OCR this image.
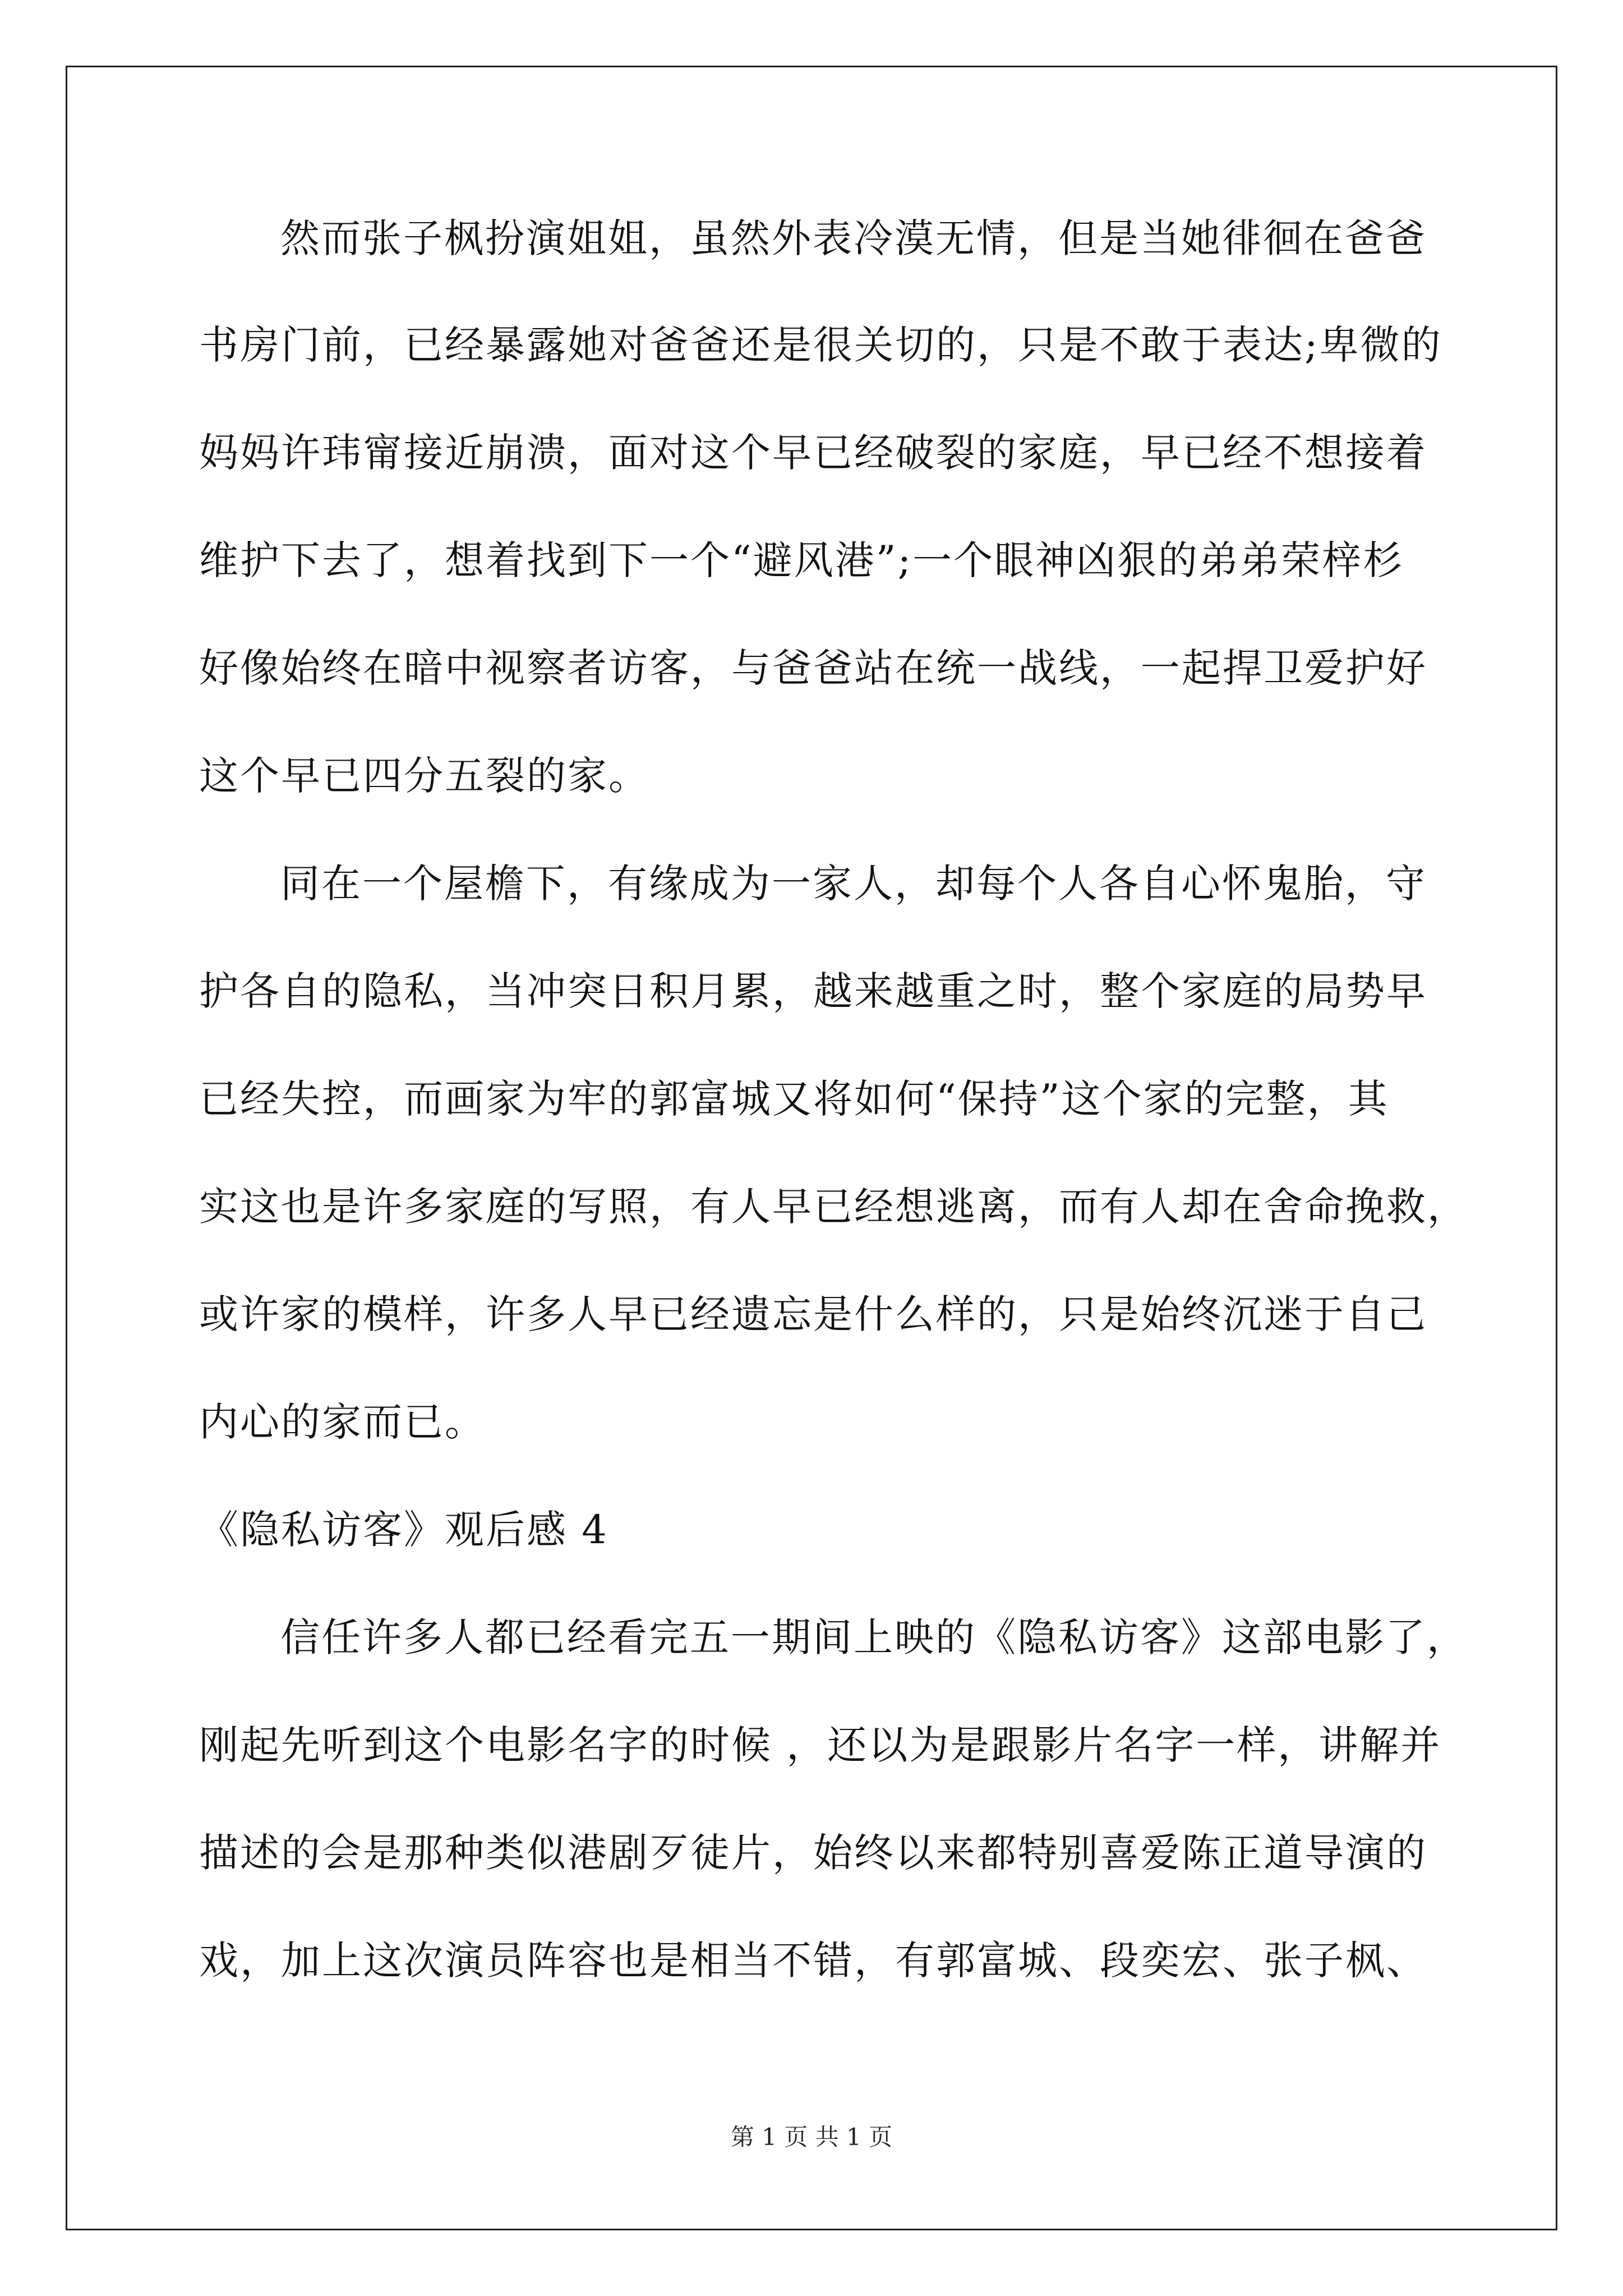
然而张子枫扮演姐姐，虽然外表冷漠无情，但是当她徘徊在爸爸
书房门前，已经暴露她对爸爸还是很关切的，只是不敢于表达;卑微的
妈妈许玮甯接近崩溃，面对这个早已经破裂的家庭，早已经不想接着
维护下去了，想着找到下一个“避风港”;一个眼神凶狠的弟弟荣梓杉
好像始终在暗中视察者访客，与爸爸站在统一战线，一起捍卫爱护好
这个早已四分五裂的家。
同在一个屋檐下，有缘成为一家人，却每个人各自心怀鬼胎，守
护各自的隐私，当冲突日积月累，越来越重之时，整个家庭的局势早
已经失控，而画家为牢的郭富城又将如何“保持”这个家的完整，其
实这也是许多家庭的写照，有人早已经想逃离，而有人却在舍命挽救，
或许家的模样，许多人早已经遗忘是什么样的，只是始终沉迷于自己
内心的家而已。
《隐私访客》观后感 4
信任许多人都已经看完五一期间上映的《隐私访客》这部电影了，
刚起先听到这个电影名字的时候 ，还以为是跟影片名字一样，讲解并
描述的会是那种类似港剧歹徒片，始终以来都特别喜爱陈正道导演的
戏，加上这次演员阵容也是相当不错，有郭富城、段奕宏、张子枫、
第 1 页 共 1 页
